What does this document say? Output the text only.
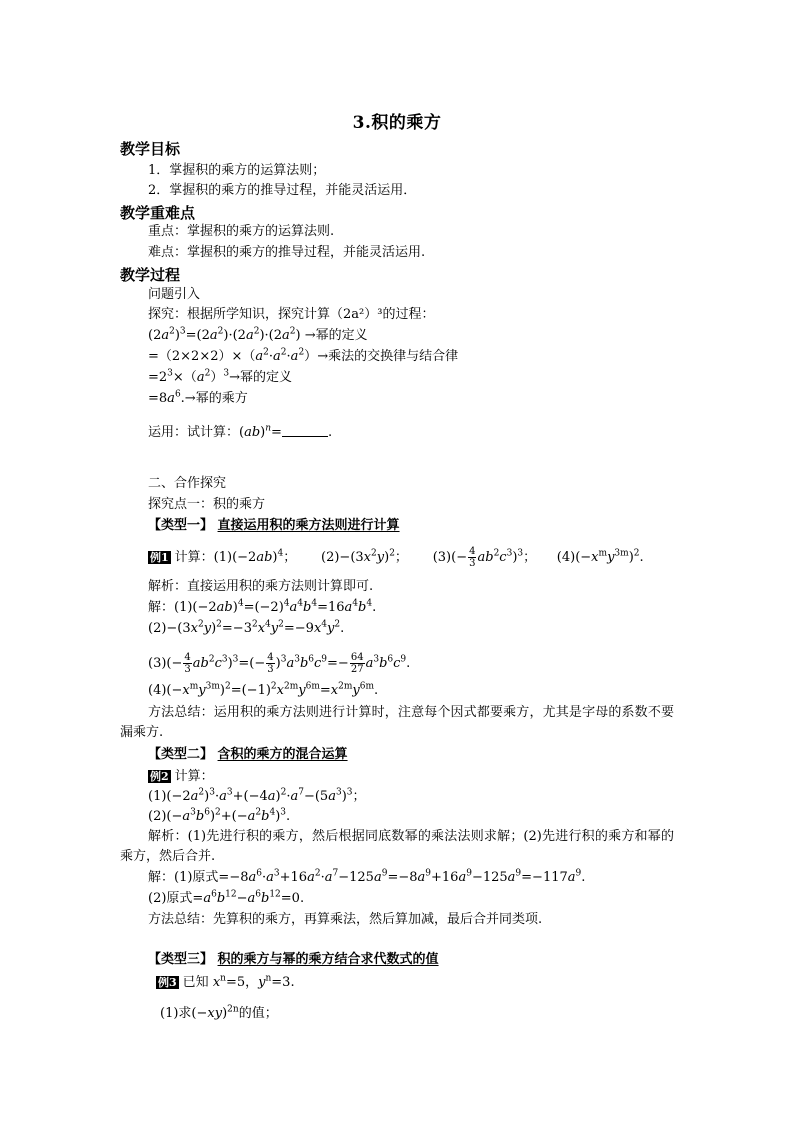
3.积的乘方
教学目标
1．掌握积的乘方的运算法则；
2．掌握积的乘方的推导过程，并能灵活运用．
教学重难点
重点：掌握积的乘方的运算法则.
难点：掌握积的乘方的推导过程，并能灵活运用.
教学过程
问题引入
探究：根据所学知识，探究计算（2a²）³的过程：
$(2a^2)^3=(2a^2)\cdot(2a^2)\cdot(2a^2)$ →幂的定义
$=(2\times 2\times 2)\times(a^2\cdot a^2\cdot a^2)\to$乘法的交换律与结合律
$=2^3\times(a^2)^3\to$幂的定义
$=8a^6.\to$幂的乘方
运用：试计算：(ab)$^n$=	.
二、合作探究
探究点一：积的乘方
【类型一】 直接运用积的乘方法则进行计算
例1 计算：$(1)(-2ab)^4$；      $(2)-(3x^2y)^2$；      $(3)(- \frac{4}{3} ab^2c^3)^3$；     $(4)(-x^my^{3m})^2$.
解析：直接运用积的乘方法则计算即可.
解：$(1)(-2ab)^4=(-2)^4a^4b^4=16a^4b^4$.
$(2)-(3x^2y)^2=-3^2x^4y^2=-9x^4y^2$.
$(3)(- \frac{4}{3} ab^2c^3)^3=(- \frac{4}{3} )^3a^3b^6c^9=- \frac{64}{27} a^3b^6c^9$.
$(4)(-x^my^{3m})^2=(-1)^2x^{2m}y^{6m}=x^{2m}y^{6m}$.
方法总结：运用积的乘方法则进行计算时，注意每个因式都要乘方，尤其是字母的系数不要漏乘方.
【类型二】 含积的乘方的混合运算
例2 计算：
$(1)(-2a^2)^3\cdot a^3+(-4a)^2\cdot a^7-(5a^3)^3$；
$(2)(-a^3b^6)^2+(-a^2b^4)^3$.
解析：(1)先进行积的乘方，然后根据同底数幂的乘法法则求解；(2)先进行积的乘方和幂的乘方，然后合并.
解：(1)原式$=-8a^6\cdot a^3+16a^2\cdot a^7-125a^9=-8a^9+16a^9-125a^9=-117a^9$.
(2)原式$=a^6b^{12}-a^6b^{12}=0$.
方法总结：先算积的乘方，再算乘法，然后算加减，最后合并同类项.
【类型三】 积的乘方与幂的乘方结合求代数式的值
例3 已知 $x^n=5$，$y^n=3$.
(1)求$(-xy)^{2n}$的值；
